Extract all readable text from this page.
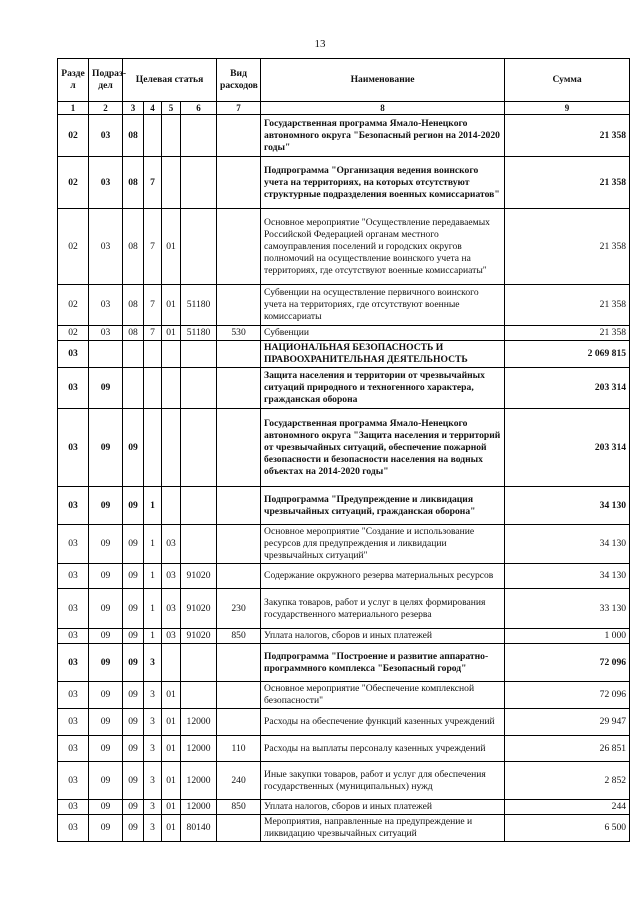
13
Разде л	Подраз-дел	Целевая статья				Вид расходов	Наименование	Сумма
1	2	3	4	5	6	7	8	9
02	03	08					Государственная программа Ямало-Ненецкого автономного округа "Безопасный регион на 2014-2020 годы"	21 358
02	03	08	7				Подпрограмма "Организация ведения воинского учета на территориях, на которых отсутствуют структурные подразделения военных комиссариатов"	21 358
02	03	08	7	01			Основное мероприятие "Осуществление передаваемых Российской Федерацией органам местного самоуправления поселений и городских округов полномочий на осуществление воинского учета на территориях, где отсутствуют военные комиссариаты"	21 358
02	03	08	7	01	51180		Субвенции на осуществление первичного воинского учета на территориях, где отсутствуют военные комиссариаты	21 358
02	03	08	7	01	51180	530	Субвенции	21 358
03							НАЦИОНАЛЬНАЯ БЕЗОПАСНОСТЬ И ПРАВООХРАНИТЕЛЬНАЯ ДЕЯТЕЛЬНОСТЬ	2 069 815
03	09						Защита населения и территории от чрезвычайных ситуаций природного и техногенного характера, гражданская оборона	203 314
03	09	09					Государственная программа Ямало-Ненецкого автономного округа "Защита населения и территорий от чрезвычайных ситуаций, обеспечение пожарной безопасности и безопасности населения на водных объектах на 2014-2020 годы"	203 314
03	09	09	1				Подпрограмма "Предупреждение и ликвидация чрезвычайных ситуаций, гражданская оборона"	34 130
03	09	09	1	03			Основное мероприятие "Создание и использование ресурсов для предупреждения и ликвидации чрезвычайных ситуаций"	34 130
03	09	09	1	03	91020		Содержание окружного резерва материальных ресурсов	34 130
03	09	09	1	03	91020	230	Закупка товаров, работ и услуг в целях формирования государственного материального резерва	33 130
03	09	09	1	03	91020	850	Уплата налогов, сборов и иных платежей	1 000
03	09	09	3				Подпрограмма "Построение и развитие аппаратно-программного комплекса "Безопасный город"	72 096
03	09	09	3	01			Основное мероприятие "Обеспечение комплексной безопасности"	72 096
03	09	09	3	01	12000		Расходы на обеспечение функций казенных учреждений	29 947
03	09	09	3	01	12000	110	Расходы на выплаты персоналу казенных учреждений	26 851
03	09	09	3	01	12000	240	Иные закупки товаров, работ и услуг для обеспечения государственных (муниципальных) нужд	2 852
03	09	09	3	01	12000	850	Уплата налогов, сборов и иных платежей	244
03	09	09	3	01	80140		Мероприятия, направленные на предупреждение и ликвидацию чрезвычайных ситуаций	6 500
